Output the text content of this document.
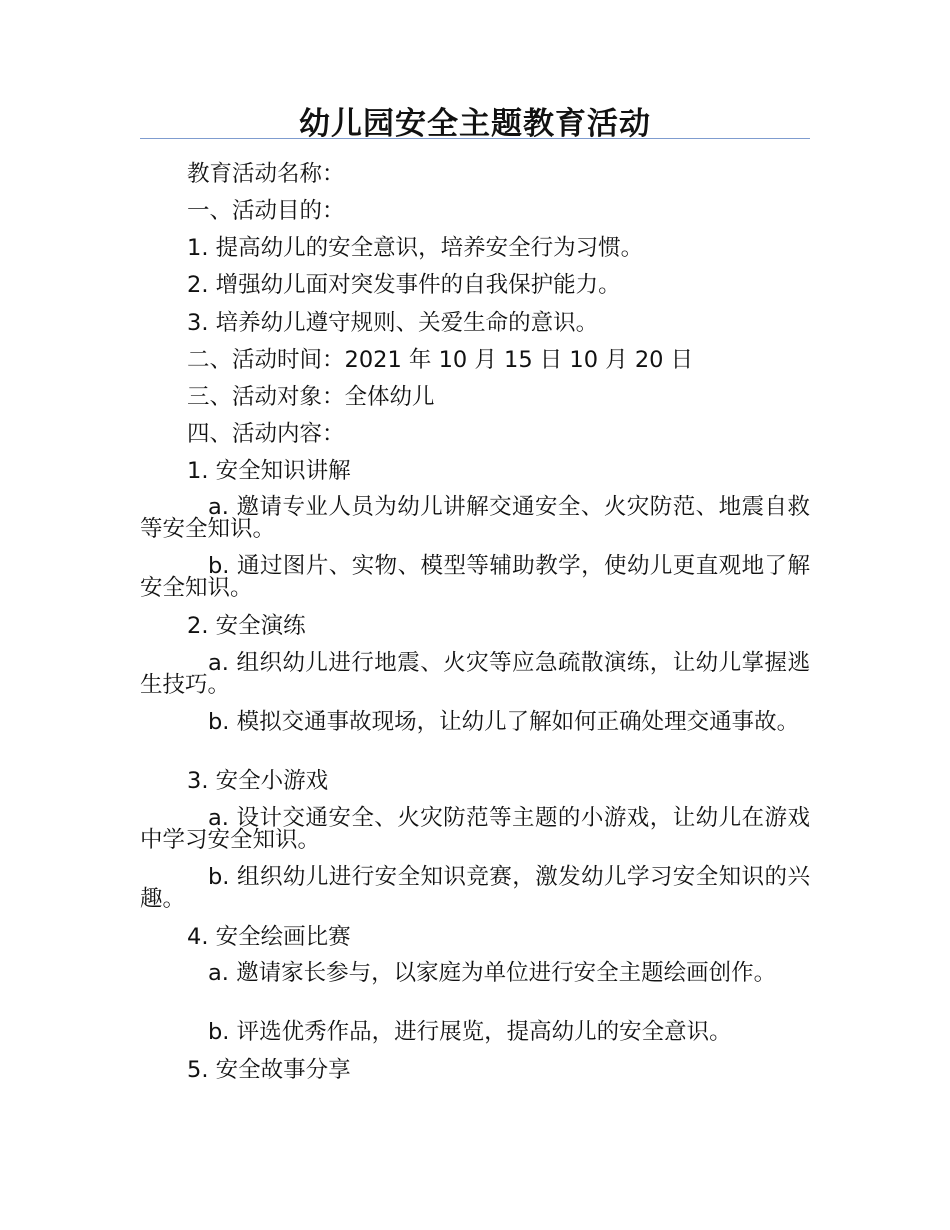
幼儿园安全主题教育活动
教育活动名称：
一、活动目的：
1. 提高幼儿的安全意识，培养安全行为习惯。
2. 增强幼儿面对突发事件的自我保护能力。
3. 培养幼儿遵守规则、关爱生命的意识。
二、活动时间：2021 年 10 月 15 日 10 月 20 日
三、活动对象：全体幼儿
四、活动内容：
1. 安全知识讲解
a. 邀请专业人员为幼儿讲解交通安全、火灾防范、地震自救等安全知识。
b. 通过图片、实物、模型等辅助教学，使幼儿更直观地了解安全知识。
2. 安全演练
a. 组织幼儿进行地震、火灾等应急疏散演练，让幼儿掌握逃生技巧。
b. 模拟交通事故现场，让幼儿了解如何正确处理交通事故。
3. 安全小游戏
a. 设计交通安全、火灾防范等主题的小游戏，让幼儿在游戏中学习安全知识。
b. 组织幼儿进行安全知识竞赛，激发幼儿学习安全知识的兴趣。
4. 安全绘画比赛
a. 邀请家长参与，以家庭为单位进行安全主题绘画创作。
b. 评选优秀作品，进行展览，提高幼儿的安全意识。
5. 安全故事分享
